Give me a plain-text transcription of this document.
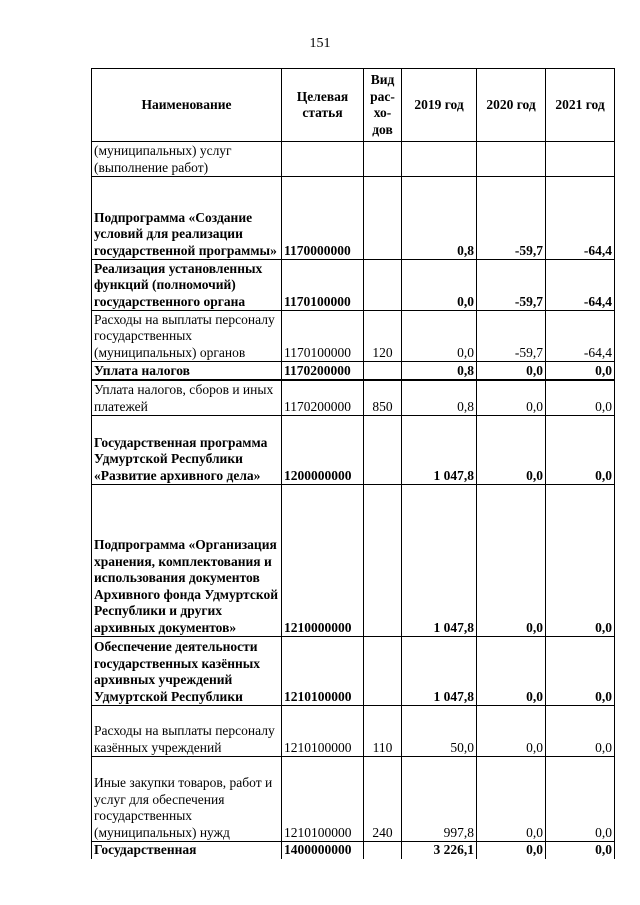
151
Наименование	Целевая статья	Вид рас- хо- дов	2019 год	2020 год	2021 год
(муниципальных) услуг (выполнение работ)					
Подпрограмма «Создание условий для реализации государственной программы»	1170000000		0,8	-59,7	-64,4
Реализация установленных функций (полномочий) государственного органа	1170100000		0,0	-59,7	-64,4
Расходы на выплаты персоналу государственных (муниципальных) органов	1170100000	120	0,0	-59,7	-64,4
Уплата налогов	1170200000		0,8	0,0	0,0
Уплата налогов, сборов и иных платежей	1170200000	850	0,8	0,0	0,0
Государственная программа Удмуртской Республики «Развитие архивного дела»	1200000000		1 047,8	0,0	0,0
Подпрограмма «Организация хранения, комплектования и использования документов Архивного фонда Удмуртской Республики и других архивных документов»	1210000000		1 047,8	0,0	0,0
Обеспечение деятельности государственных казённых архивных учреждений Удмуртской Республики	1210100000		1 047,8	0,0	0,0
Расходы на выплаты персоналу казённых учреждений	1210100000	110	50,0	0,0	0,0
Иные закупки товаров, работ и услуг для обеспечения государственных (муниципальных) нужд	1210100000	240	997,8	0,0	0,0
Государственная	1400000000		3 226,1	0,0	0,0
